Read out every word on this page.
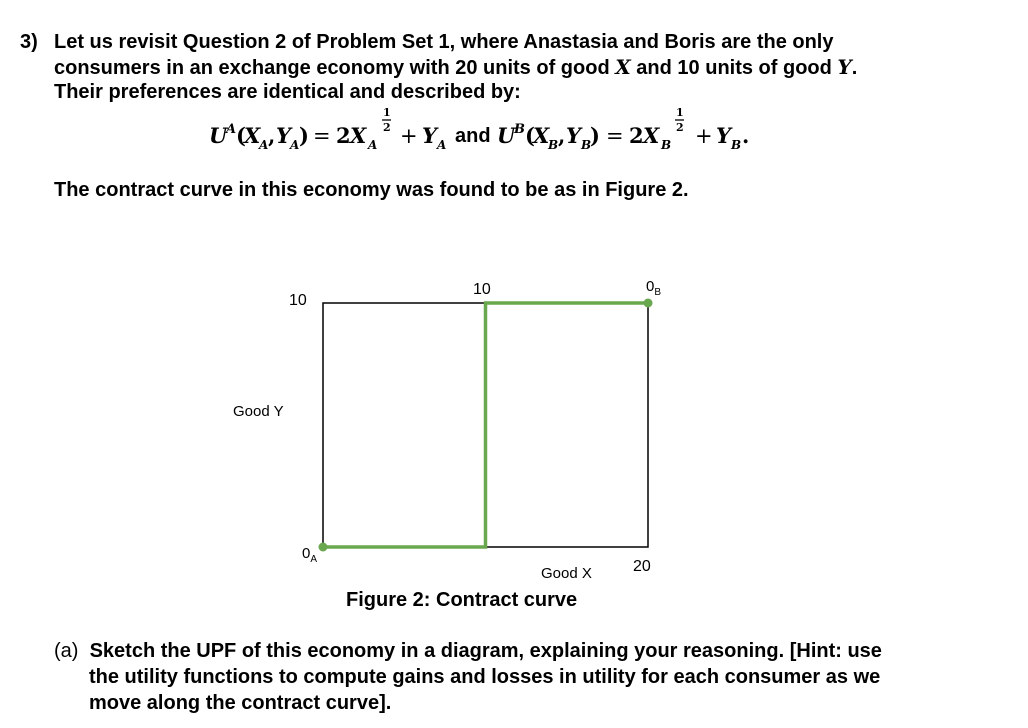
3) Let us revisit Question 2 of Problem Set 1, where Anastasia and Boris are the only
consumers in an exchange economy with 20 units of good X and 10 units of good Y.
Their preferences are identical and described by:
U
A (
X
A , Y A ) = 2 X
1
2
A + Y A and U
B (
X
B , Y B
) = 2 X
1
2
B + Y B .
The contract curve in this economy was found to be as in Figure 2.
10
10
20
Good Y
Good X
$0_A$
$0_B$
Figure 2: Contract curve
(a) Sketch the UPF of this economy in a diagram, explaining your reasoning. [Hint: use
the utility functions to compute gains and losses in utility for each consumer as we
move along the contract curve].
